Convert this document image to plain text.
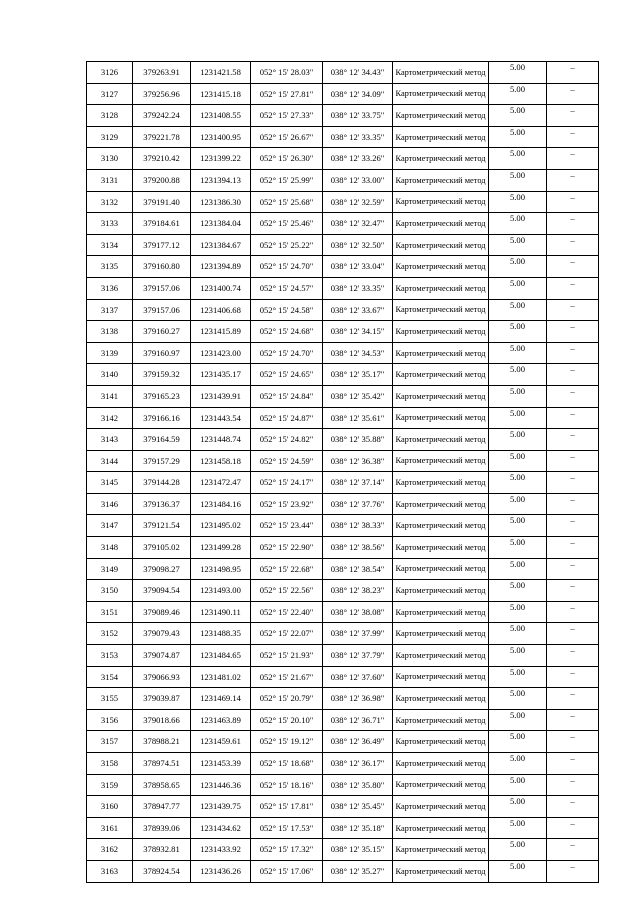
3126	379263.91	1231421.58	052° 15' 28.03"	038° 12' 34.43"	Картометрический метод	5.00	–
3127	379256.96	1231415.18	052° 15' 27.81"	038° 12' 34.09"	Картометрический метод	5.00	–
3128	379242.24	1231408.55	052° 15' 27.33"	038° 12' 33.75"	Картометрический метод	5.00	–
3129	379221.78	1231400.95	052° 15' 26.67"	038° 12' 33.35"	Картометрический метод	5.00	–
3130	379210.42	1231399.22	052° 15' 26.30"	038° 12' 33.26"	Картометрический метод	5.00	–
3131	379200.88	1231394.13	052° 15' 25.99"	038° 12' 33.00"	Картометрический метод	5.00	–
3132	379191.40	1231386.30	052° 15' 25.68"	038° 12' 32.59"	Картометрический метод	5.00	–
3133	379184.61	1231384.04	052° 15' 25.46"	038° 12' 32.47"	Картометрический метод	5.00	–
3134	379177.12	1231384.67	052° 15' 25.22"	038° 12' 32.50"	Картометрический метод	5.00	–
3135	379160.80	1231394.89	052° 15' 24.70"	038° 12' 33.04"	Картометрический метод	5.00	–
3136	379157.06	1231400.74	052° 15' 24.57"	038° 12' 33.35"	Картометрический метод	5.00	–
3137	379157.06	1231406.68	052° 15' 24.58"	038° 12' 33.67"	Картометрический метод	5.00	–
3138	379160.27	1231415.89	052° 15' 24.68"	038° 12' 34.15"	Картометрический метод	5.00	–
3139	379160.97	1231423.00	052° 15' 24.70"	038° 12' 34.53"	Картометрический метод	5.00	–
3140	379159.32	1231435.17	052° 15' 24.65"	038° 12' 35.17"	Картометрический метод	5.00	–
3141	379165.23	1231439.91	052° 15' 24.84"	038° 12' 35.42"	Картометрический метод	5.00	–
3142	379166.16	1231443.54	052° 15' 24.87"	038° 12' 35.61"	Картометрический метод	5.00	–
3143	379164.59	1231448.74	052° 15' 24.82"	038° 12' 35.88"	Картометрический метод	5.00	–
3144	379157.29	1231458.18	052° 15' 24.59"	038° 12' 36.38"	Картометрический метод	5.00	–
3145	379144.28	1231472.47	052° 15' 24.17"	038° 12' 37.14"	Картометрический метод	5.00	–
3146	379136.37	1231484.16	052° 15' 23.92"	038° 12' 37.76"	Картометрический метод	5.00	–
3147	379121.54	1231495.02	052° 15' 23.44"	038° 12' 38.33"	Картометрический метод	5.00	–
3148	379105.02	1231499.28	052° 15' 22.90"	038° 12' 38.56"	Картометрический метод	5.00	–
3149	379098.27	1231498.95	052° 15' 22.68"	038° 12' 38.54"	Картометрический метод	5.00	–
3150	379094.54	1231493.00	052° 15' 22.56"	038° 12' 38.23"	Картометрический метод	5.00	–
3151	379089.46	1231490.11	052° 15' 22.40"	038° 12' 38.08"	Картометрический метод	5.00	–
3152	379079.43	1231488.35	052° 15' 22.07"	038° 12' 37.99"	Картометрический метод	5.00	–
3153	379074.87	1231484.65	052° 15' 21.93"	038° 12' 37.79"	Картометрический метод	5.00	–
3154	379066.93	1231481.02	052° 15' 21.67"	038° 12' 37.60"	Картометрический метод	5.00	–
3155	379039.87	1231469.14	052° 15' 20.79"	038° 12' 36.98"	Картометрический метод	5.00	–
3156	379018.66	1231463.89	052° 15' 20.10"	038° 12' 36.71"	Картометрический метод	5.00	–
3157	378988.21	1231459.61	052° 15' 19.12"	038° 12' 36.49"	Картометрический метод	5.00	–
3158	378974.51	1231453.39	052° 15' 18.68"	038° 12' 36.17"	Картометрический метод	5.00	–
3159	378958.65	1231446.36	052° 15' 18.16"	038° 12' 35.80"	Картометрический метод	5.00	–
3160	378947.77	1231439.75	052° 15' 17.81"	038° 12' 35.45"	Картометрический метод	5.00	–
3161	378939.06	1231434.62	052° 15' 17.53"	038° 12' 35.18"	Картометрический метод	5.00	–
3162	378932.81	1231433.92	052° 15' 17.32"	038° 12' 35.15"	Картометрический метод	5.00	–
3163	378924.54	1231436.26	052° 15' 17.06"	038° 12' 35.27"	Картометрический метод	5.00	–
